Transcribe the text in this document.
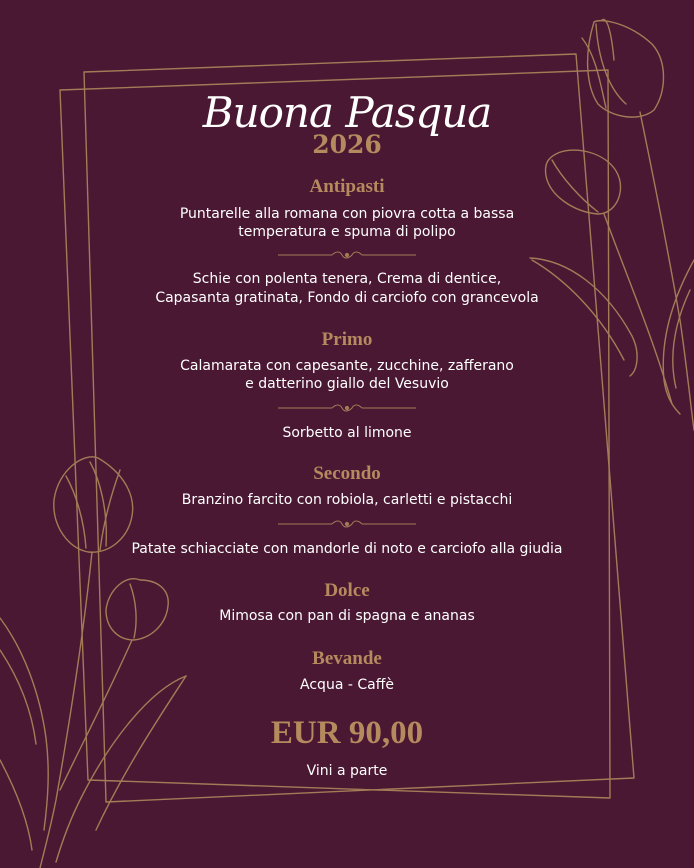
Buona Pasqua
2026
Antipasti
Puntarelle alla romana con piovra cotta a bassa
temperatura e spuma di polipo
Schie con polenta tenera, Crema di dentice,
Capasanta gratinata, Fondo di carciofo con grancevola
Primo
Calamarata con capesante, zucchine, zafferano
e datterino giallo del Vesuvio
Sorbetto al limone
Secondo
Branzino farcito con robiola, carletti e pistacchi
Patate schiacciate con mandorle di noto e carciofo alla giudia
Dolce
Mimosa con pan di spagna e ananas
Bevande
Acqua - Caffè
EUR 90,00
Vini a parte
